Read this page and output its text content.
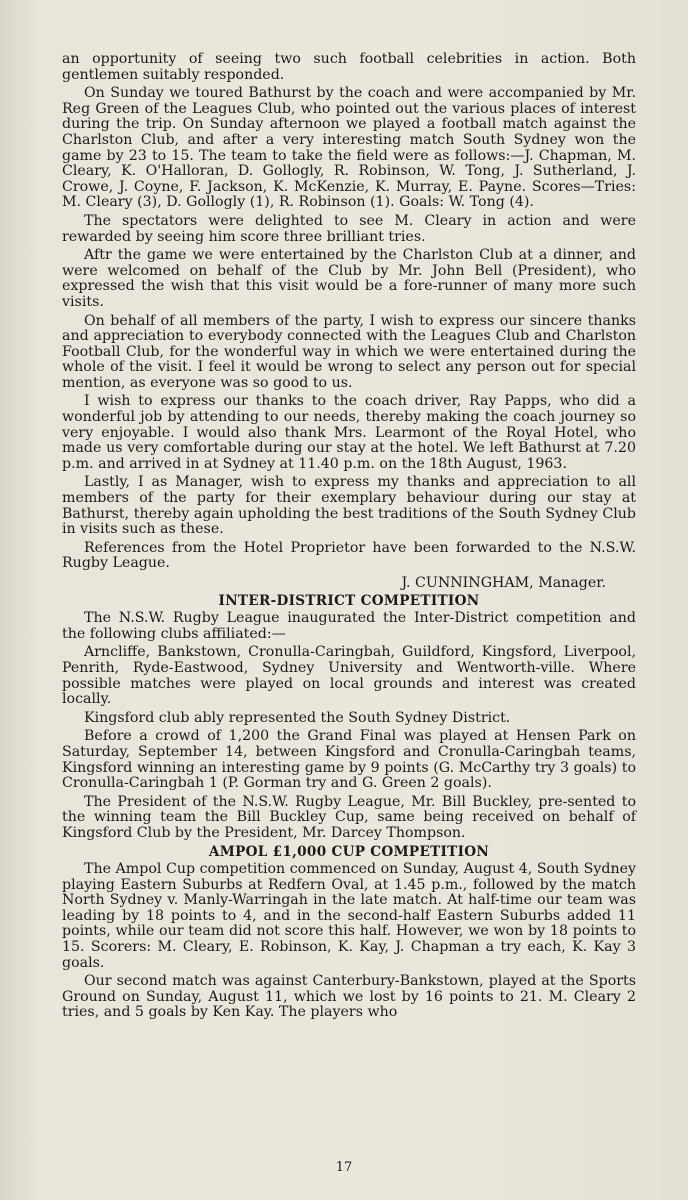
an opportunity of seeing two such football celebrities in action. Both gentlemen suitably responded.

On Sunday we toured Bathurst by the coach and were accompanied by Mr. Reg Green of the Leagues Club, who pointed out the various places of interest during the trip. On Sunday afternoon we played a football match against the Charlston Club, and after a very interesting match South Sydney won the game by 23 to 15. The team to take the field were as follows:—J. Chapman, M. Cleary, K. O'Halloran, D. Gollogly, R. Robinson, W. Tong, J. Sutherland, J. Crowe, J. Coyne, F. Jackson, K. McKenzie, K. Murray, E. Payne. Scores—Tries: M. Cleary (3), D. Gollogly (1), R. Robinson (1). Goals: W. Tong (4).

The spectators were delighted to see M. Cleary in action and were rewarded by seeing him score three brilliant tries.

Aftr the game we were entertained by the Charlston Club at a dinner, and were welcomed on behalf of the Club by Mr. John Bell (President), who expressed the wish that this visit would be a fore-runner of many more such visits.

On behalf of all members of the party, I wish to express our sincere thanks and appreciation to everybody connected with the Leagues Club and Charlston Football Club, for the wonderful way in which we were entertained during the whole of the visit. I feel it would be wrong to select any person out for special mention, as everyone was so good to us.

I wish to express our thanks to the coach driver, Ray Papps, who did a wonderful job by attending to our needs, thereby making the coach journey so very enjoyable. I would also thank Mrs. Learmont of the Royal Hotel, who made us very comfortable during our stay at the hotel. We left Bathurst at 7.20 p.m. and arrived in at Sydney at 11.40 p.m. on the 18th August, 1963.

Lastly, I as Manager, wish to express my thanks and appreciation to all members of the party for their exemplary behaviour during our stay at Bathurst, thereby again upholding the best traditions of the South Sydney Club in visits such as these.

References from the Hotel Proprietor have been forwarded to the N.S.W. Rugby League.

J. CUNNINGHAM, Manager.
INTER-DISTRICT COMPETITION

The N.S.W. Rugby League inaugurated the Inter-District competition and the following clubs affiliated:—

Arncliffe, Bankstown, Cronulla-Caringbah, Guildford, Kingsford, Liverpool, Penrith, Ryde-Eastwood, Sydney University and Wentworth-ville. Where possible matches were played on local grounds and interest was created locally.

Kingsford club ably represented the South Sydney District.

Before a crowd of 1,200 the Grand Final was played at Hensen Park on Saturday, September 14, between Kingsford and Cronulla-Caringbah teams, Kingsford winning an interesting game by 9 points (G. McCarthy try 3 goals) to Cronulla-Caringbah 1 (P. Gorman try and G. Green 2 goals).

The President of the N.S.W. Rugby League, Mr. Bill Buckley, pre-sented to the winning team the Bill Buckley Cup, same being received on behalf of Kingsford Club by the President, Mr. Darcey Thompson.

AMPOL £1,000 CUP COMPETITION

The Ampol Cup competition commenced on Sunday, August 4, South Sydney playing Eastern Suburbs at Redfern Oval, at 1.45 p.m., followed by the match North Sydney v. Manly-Warringah in the late match. At half-time our team was leading by 18 points to 4, and in the second-half Eastern Suburbs added 11 points, while our team did not score this half. However, we won by 18 points to 15. Scorers: M. Cleary, E. Robinson, K. Kay, J. Chapman a try each, K. Kay 3 goals.

Our second match was against Canterbury-Bankstown, played at the Sports Ground on Sunday, August 11, which we lost by 16 points to 21. M. Cleary 2 tries, and 5 goals by Ken Kay. The players who

17
